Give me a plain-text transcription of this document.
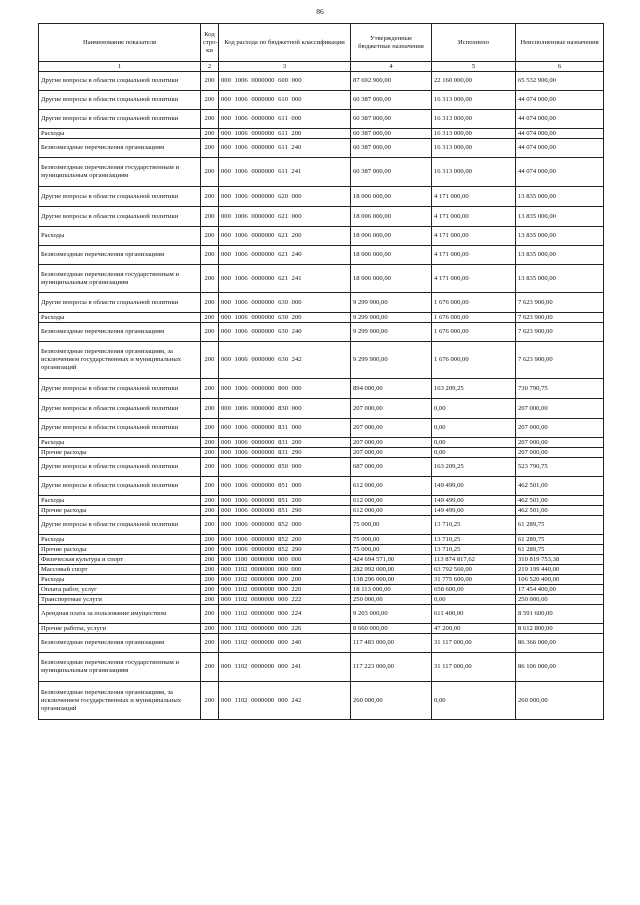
86
Наименование показателя	Код стро- ки	Код расхода по бюджетной классификации	Утвержденные бюджетные назначения	Исполнено	Неисполненные назначения
1	2	3	4	5	6
Другие вопросы в области социальной политики	200	000 1006 0000000 600 000	87 692 900,00	22 160 000,00	65 532 900,00
Другие вопросы в области социальной политики	200	000 1006 0000000 610 000	60 387 000,00	16 313 000,00	44 074 000,00
Другие вопросы в области социальной политики	200	000 1006 0000000 611 000	60 387 000,00	16 313 000,00	44 074 000,00
Расходы	200	000 1006 0000000 611 200	60 387 000,00	16 313 000,00	44 074 000,00
Безвозмездные перечисления организациям	200	000 1006 0000000 611 240	60 387 000,00	16 313 000,00	44 074 000,00
Безвозмездные перечисления государственным и муниципальным организациям	200	000 1006 0000000 611 241	60 387 000,00	16 313 000,00	44 074 000,00
Другие вопросы в области социальной политики	200	000 1006 0000000 620 000	18 006 000,00	4 171 000,00	13 835 000,00
Другие вопросы в области социальной политики	200	000 1006 0000000 621 000	18 006 000,00	4 171 000,00	13 835 000,00
Расходы	200	000 1006 0000000 621 200	18 006 000,00	4 171 000,00	13 835 000,00
Безвозмездные перечисления организациям	200	000 1006 0000000 621 240	18 006 000,00	4 171 000,00	13 835 000,00
Безвозмездные перечисления государственным и муниципальным организациям	200	000 1006 0000000 621 241	18 006 000,00	4 171 000,00	13 835 000,00
Другие вопросы в области социальной политики	200	000 1006 0000000 630 000	9 299 900,00	1 676 000,00	7 623 900,00
Расходы	200	000 1006 0000000 630 200	9 299 900,00	1 676 000,00	7 623 900,00
Безвозмездные перечисления организациям	200	000 1006 0000000 630 240	9 299 900,00	1 676 000,00	7 623 900,00
Безвозмездные перечисления организациям, за исключением государственных и муниципальных организаций	200	000 1006 0000000 630 242	9 299 900,00	1 676 000,00	7 623 900,00
Другие вопросы в области социальной политики	200	000 1006 0000000 800 000	894 000,00	163 209,25	730 790,75
Другие вопросы в области социальной политики	200	000 1006 0000000 830 000	207 000,00	0,00	207 000,00
Другие вопросы в области социальной политики	200	000 1006 0000000 831 000	207 000,00	0,00	207 000,00
Расходы	200	000 1006 0000000 831 200	207 000,00	0,00	207 000,00
Прочие расходы	200	000 1006 0000000 831 290	207 000,00	0,00	207 000,00
Другие вопросы в области социальной политики	200	000 1006 0000000 850 000	687 000,00	163 209,25	523 790,75
Другие вопросы в области социальной политики	200	000 1006 0000000 851 000	612 000,00	149 499,00	462 501,00
Расходы	200	000 1006 0000000 851 200	612 000,00	149 499,00	462 501,00
Прочие расходы	200	000 1006 0000000 851 290	612 000,00	149 499,00	462 501,00
Другие вопросы в области социальной политики	200	000 1006 0000000 852 000	75 000,00	13 710,25	61 289,75
Расходы	200	000 1006 0000000 852 200	75 000,00	13 710,25	61 289,75
Прочие расходы	200	000 1006 0000000 852 290	75 000,00	13 710,25	61 289,75
Физическая культура и спорт	200	000 1100 0000000 000 000	424 694 571,00	113 874 817,62	310 819 753,38
Массовый спорт	200	000 1102 0000000 000 000	282 992 000,00	63 792 560,00	219 199 440,00
Расходы	200	000 1102 0000000 000 200	138 296 000,00	31 775 600,00	106 520 400,00
Оплата работ, услуг	200	000 1102 0000000 000 220	18 113 000,00	658 600,00	17 454 400,00
Транспортные услуги	200	000 1102 0000000 000 222	250 000,00	0,00	250 000,00
Арендная плата за пользование имуществом	200	000 1102 0000000 000 224	9 203 000,00	611 400,00	8 591 600,00
Прочие работы, услуги	200	000 1102 0000000 000 226	8 660 000,00	47 200,00	8 612 800,00
Безвозмездные перечисления организациям	200	000 1102 0000000 000 240	117 483 000,00	31 117 000,00	86 366 000,00
Безвозмездные перечисления государственным и муниципальным организациям	200	000 1102 0000000 000 241	117 223 000,00	31 117 000,00	86 106 000,00
Безвозмездные перечисления организациям, за исключением государственных и муниципальных организаций	200	000 1102 0000000 000 242	260 000,00	0,00	260 000,00
